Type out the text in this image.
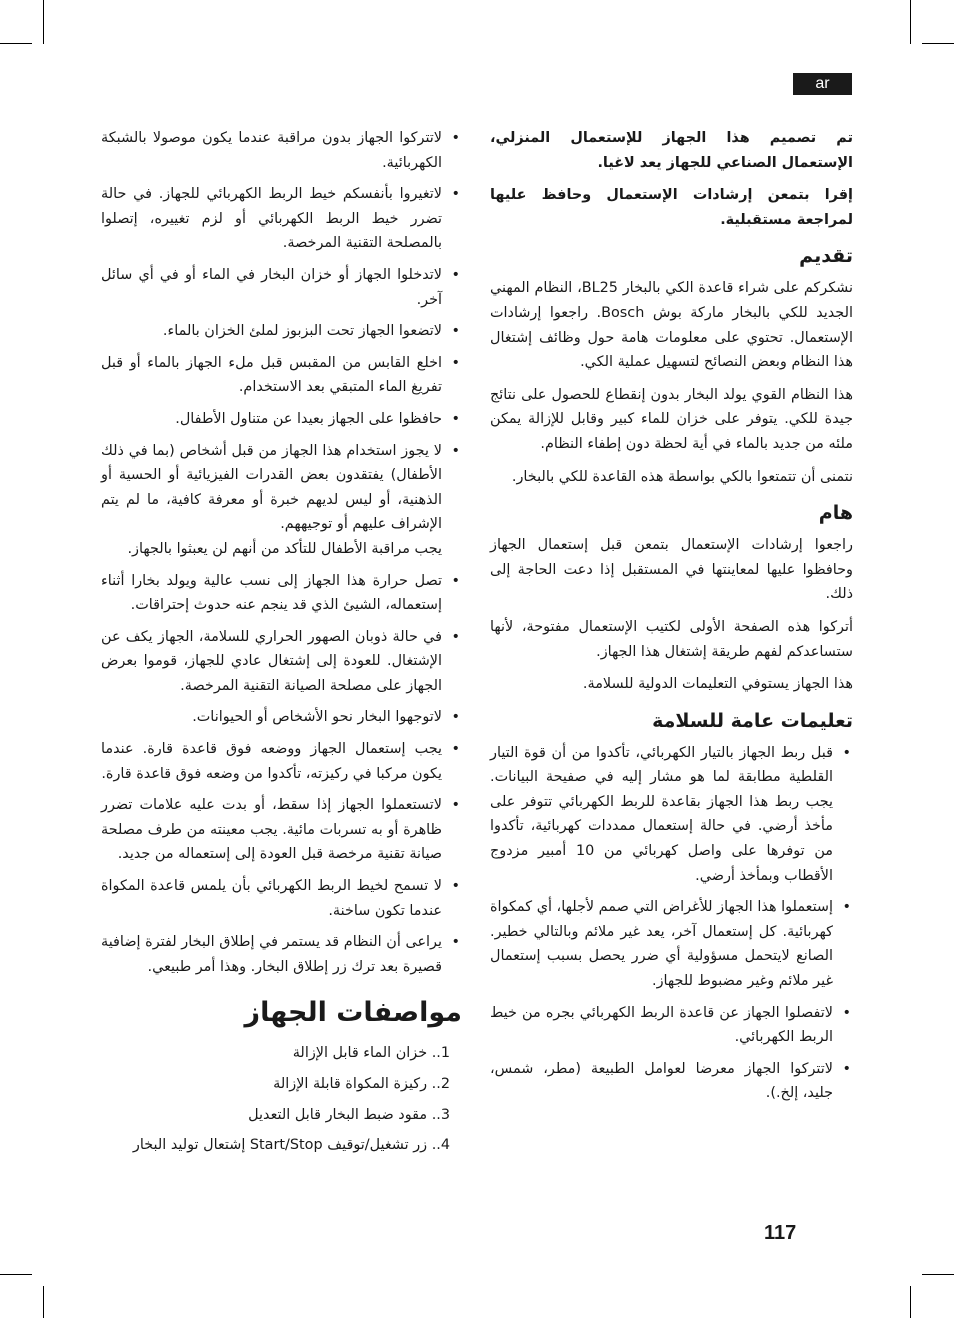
ar

تم تصميم هذا الجهاز للإستعمال المنزلي، الإستعمال الصناعي للجهاز يعد لاغيا.

إقرا بتمعن إرشادات الإستعمال وحافظ عليها لمراجعة مستقبلية.

تقديم

نشكركم على شراء قاعدة الكي بالبخار BL25، النظام المهني الجديد للكي بالبخار ماركة بوش Bosch. راجعوا إرشادات الإستعمال. تحتوي على معلومات هامة حول وظائف إشتغال هذا النظام وبعض النصائح لتسهيل عملية الكي.

هذا النظام القوي يولد البخار بدون إنقطاع للحصول على نتائج جيدة للكي. يتوفر على خزان للماء كبير وقابل للإزالة يمكن ملئه من جديد بالماء في أية لحظة دون إطفاء النظام.

نتمنى أن تتمتعوا بالكي بواسطة هذه القاعدة للكي بالبخار.

هام

راجعوا إرشادات الإستعمال بتمعن قبل إستعمال الجهاز وحافظوا عليها لمعاينتها في المستقبل إذا دعت الحاجة إلى ذلك.

أتركوا هذه الصفحة الأولى لكتيب الإستعمال مفتوحة، لأنها ستساعدكم لفهم طريقة إشتغال هذا الجهاز.

هذا الجهاز يستوفي التعليمات الدولية للسلامة.

تعليمات عامة للسلامة
• قبل ربط الجهاز بالتيار الكهربائي، تأكدوا من أن قوة التيار القلطية مطابقة لما هو مشار إليه في صفيحة البيانات. يجب ربط هذا الجهاز بقاعدة للربط الكهربائي تتوفر على مأخذ أرضي. في حالة إستعمال ممددات كهربائية، تأكدوا من توفرها على واصل كهربائي من 10 أمبير مزدوج الأقطاب وبمأخذ أرضي.
• إستعملوا هذا الجهاز للأغراض التي صمم لأجلها، أي كمكواة كهربائية. كل إستعمال آخر، يعد غير ملائم وبالتالي خطير. الصانع لايتحمل مسؤولية أي ضرر يحصل بسبب إستعمال غير ملائم وغير مضبوط للجهاز.
• لاتفصلوا الجهاز عن قاعدة الربط الكهربائي بجره من خيط الربط الكهربائي.
• لاتتركوا الجهاز معرضا لعوامل الطبيعة (مطر، شمس، جليد، إلخ.).
• لاتتركوا الجهاز بدون مراقبة عندما يكون موصولا بالشبكة الكهربائية.
• لاتغيروا بأنفسكم خيط الربط الكهربائي للجهاز. في حالة تضرر خيط الربط الكهربائي أو لزم تغييره، إتصلوا بالمصلحة التقنية المرخصة.
• لاتدخلوا الجهاز أو خزان البخار في الماء أو في أي سائل آخر.
• لاتضعوا الجهاز تحت البزبوز لملئ الخزان بالماء.
• اخلع القابس من المقبس قبل ملء الجهاز بالماء أو قبل تفريغ الماء المتبقي بعد الاستخدام.
• حافظوا على الجهاز بعيدا عن متناول الأطفال.
• لا يجوز استخدام هذا الجهاز من قبل أشخاص (بما في ذلك الأطفال) يفتقدون بعض القدرات الفيزيائية أو الحسية أو الذهنية، أو ليس لديهم خبرة أو معرفة كافية، ما لم يتم الإشراف عليهم أو توجيههم.
يجب مراقبة الأطفال للتأكد من أنهم لن يعبثوا بالجهاز.
• تصل حرارة هذا الجهاز إلى نسب عالية ويولد بخارا أثناء إستعماله، الشيئ الذي قد ينجم عنه حدوث إحتراقات.
• في حالة ذوبان الصهور الحراري للسلامة، الجهاز يكف عن الإشتغال. للعودة إلى إشتغال عادي للجهاز، قوموا بعرض الجهاز على مصلحة الصيانة التقنية المرخصة.
• لاتوجهوا البخار نحو الأشخاص أو الحيوانات.
• يجب إستعمال الجهاز ووضعه فوق قاعدة قارة. عندما يكون مركبا في ركيزته، تأكدوا من وضعه فوق قاعدة قارة.
• لاتستعملوا الجهاز إذا سقط، أو بدت عليه علامات تضرر ظاهرة أو به تسربات مائية. يجب معينته من طرف مصلحة صيانة تقنية مرخصة قبل العودة إلى إستعماله من جديد.
• لا تسمح لخيط الربط الكهربائي بأن يلمس قاعدة المكواة عندما تكون ساخنة.
• يراعى أن النظام قد يستمر في إطلاق البخار لفترة إضافية قصيرة بعد ترك زر إطلاق البخار. وهذا أمر طبيعي.
مواصفات الجهاز
1.. خزان الماء قابل الإزالة
2.. ركيزة المكواة قابلة الإزالة
3.. مقود ضبط البخار قابل التعديل
4.. زر تشغيل/توقيف Start/Stop إشتعال توليد البخار
117
